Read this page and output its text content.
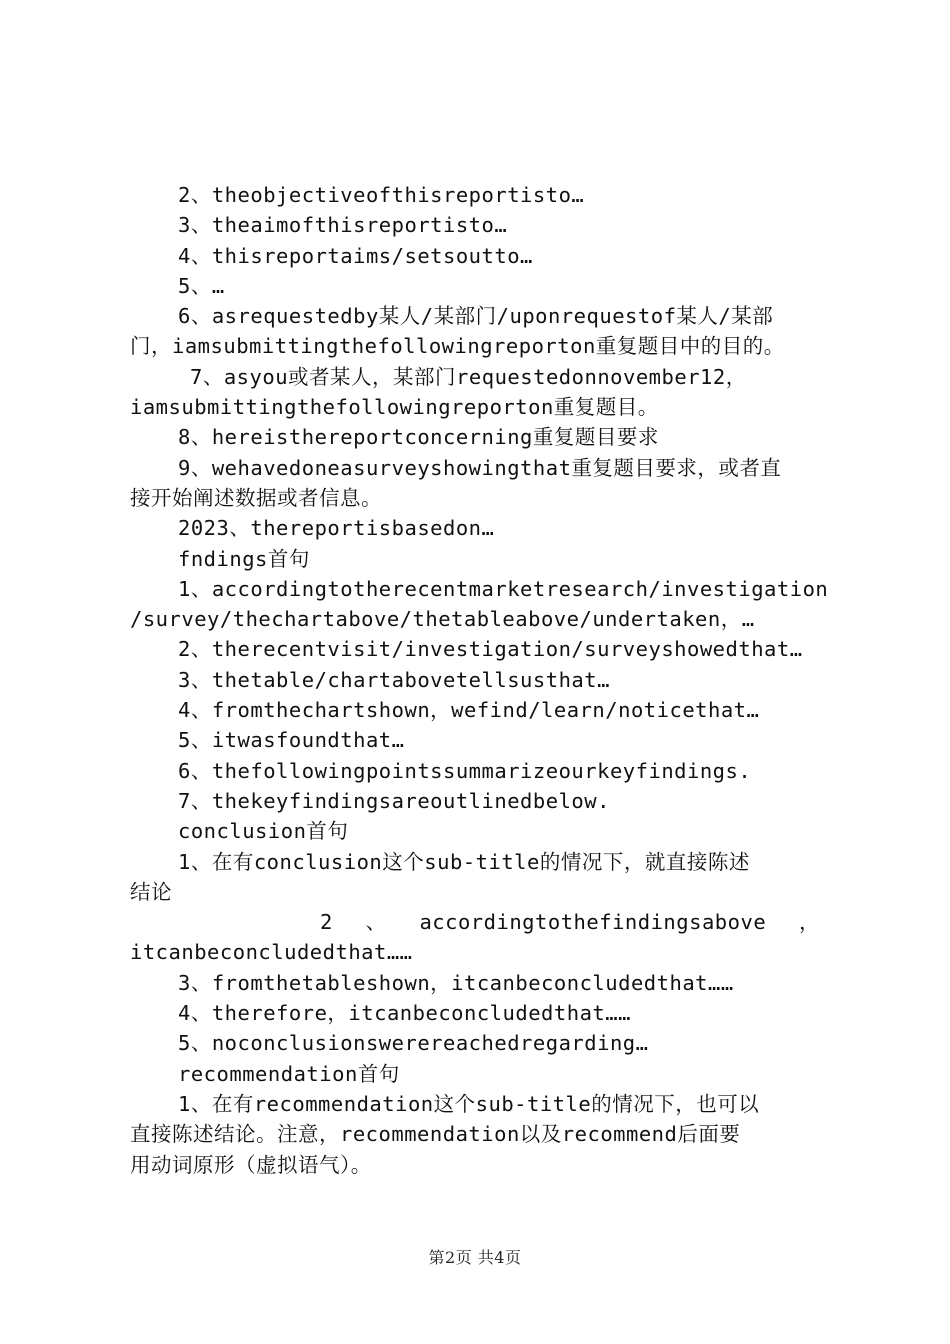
2、theobjectiveofthisreportisto…
3、theaimofthisreportisto…
4、thisreportaims/setsoutto…
5、…
6、asrequestedby某人/某部门/uponrequestof某人/某部
门，iamsubmittingthefollowingreporton重复题目中的目的。
7、asyou或者某人，某部门requestedonnovember12，
iamsubmittingthefollowingreporton重复题目。
8、hereisthereportconcerning重复题目要求
9、wehavedoneasurveyshowingthat重复题目要求，或者直
接开始阐述数据或者信息。
2023、thereportisbasedon…
fndings首句
1、accordingtotherecentmarketresearch/investigation
/survey/thechartabove/thetableabove/undertaken，…
2、therecentvisit/investigation/surveyshowedthat…
3、thetable/chartabovetellsusthat…
4、fromthechartshown，wefind/learn/noticethat…
5、itwasfoundthat…
6、thefollowingpointssummarizeourkeyfindings.
7、thekeyfindingsareoutlinedbelow.
conclusion首句
1、在有conclusion这个sub-title的情况下，就直接陈述
结论
2 、 accordingtothefindingsabove ，
itcanbeconcludedthat……
3、fromthetableshown，itcanbeconcludedthat……
4、therefore，itcanbeconcludedthat……
5、noconclusionswerereachedregarding…
recommendation首句
1、在有recommendation这个sub-title的情况下，也可以
直接陈述结论。注意，recommendation以及recommend后面要
用动词原形（虚拟语气）。
第2页 共4页
